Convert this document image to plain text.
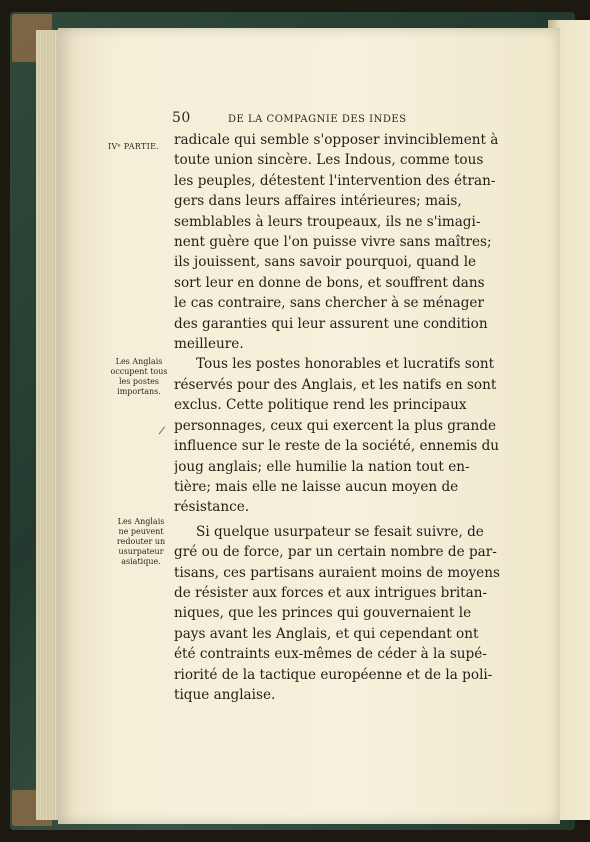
50	DE LA COMPAGNIE DES INDES
IVᵉ PARTIE.
Les Anglais
occupent tous
les postes
importans.
Les Anglais
ne peuvent
redouter un
usurpateur
asiatique.
/
radicale qui semble s'opposer invinciblement à
toute union sincère. Les Indous, comme tous
les peuples, détestent l'intervention des étran-
gers dans leurs affaires intérieures; mais,
semblables à leurs troupeaux, ils ne s'imagi-
nent guère que l'on puisse vivre sans maîtres;
ils jouissent, sans savoir pourquoi, quand le
sort leur en donne de bons, et souffrent dans
le cas contraire, sans chercher à se ménager
des garanties qui leur assurent une condition
meilleure.
Tous les postes honorables et lucratifs sont
réservés pour des Anglais, et les natifs en sont
exclus. Cette politique rend les principaux
personnages, ceux qui exercent la plus grande
influence sur le reste de la société, ennemis du
joug anglais; elle humilie la nation tout en-
tière; mais elle ne laisse aucun moyen de
résistance.
Si quelque usurpateur se fesait suivre, de
gré ou de force, par un certain nombre de par-
tisans, ces partisans auraient moins de moyens
de résister aux forces et aux intrigues britan-
niques, que les princes qui gouvernaient le
pays avant les Anglais, et qui cependant ont
été contraints eux-mêmes de céder à la supé-
riorité de la tactique européenne et de la poli-
tique anglaise.
